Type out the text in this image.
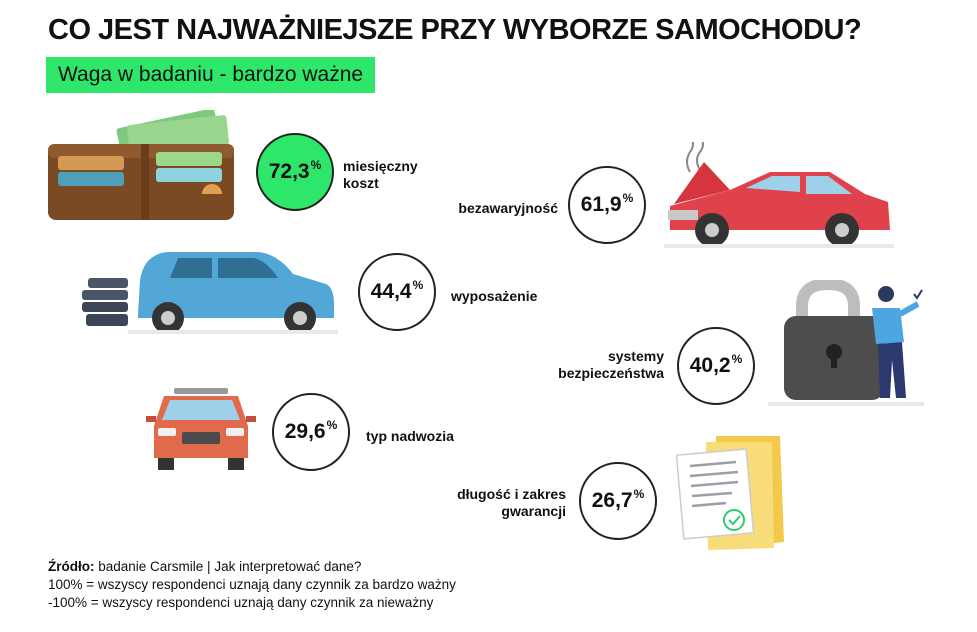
CO JEST NAJWAŻNIEJSZE PRZY WYBORZE SAMOCHODU?
Waga w badaniu - bardzo ważne
72,3 % miesięczny koszt
bezawaryjność 61,9 %
44,4 %
wyposażenie
systemy bezpieczeństwa 40,2 %
29,6 %
typ nadwozia
długość i zakres gwarancji 26,7 %
Źródło: badanie Carsmile | Jak interpretować dane?
100% = wszyscy respondenci uznają dany czynnik za bardzo ważny
-100% = wszyscy respondenci uznają dany czynnik za nieważny
